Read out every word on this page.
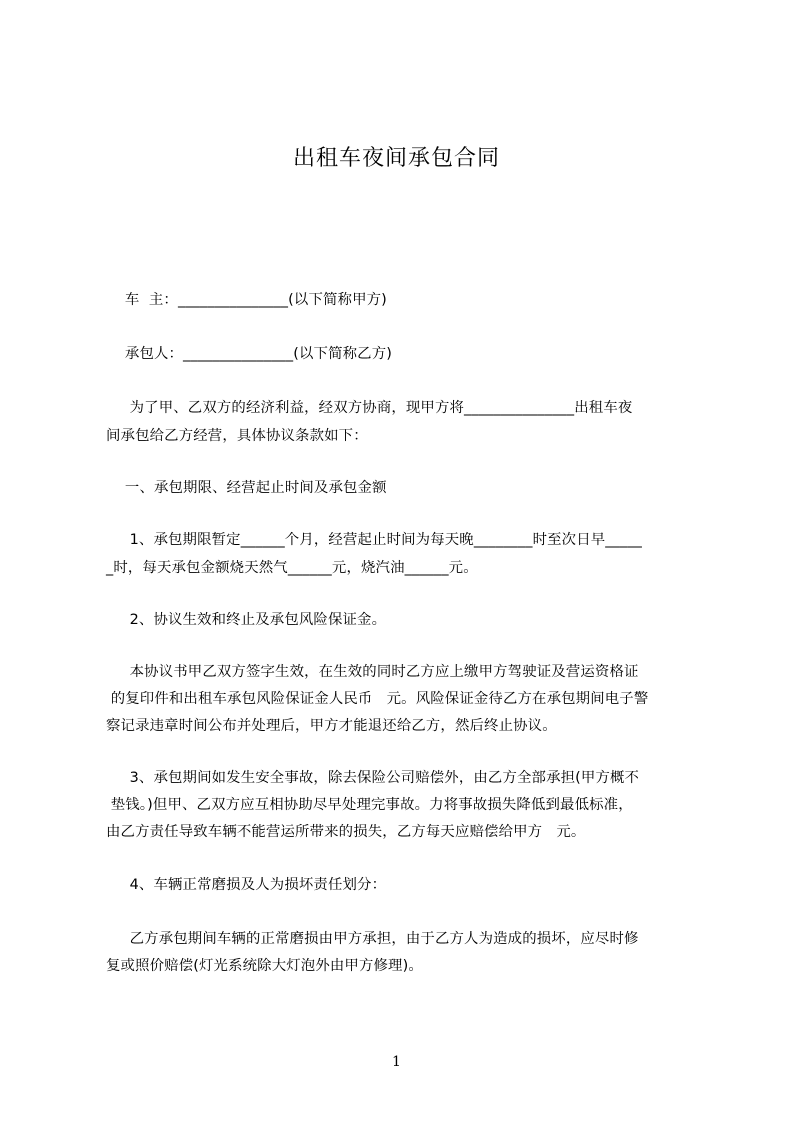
出租车夜间承包合同
车  主：_______________(以下简称甲方)
承包人：_______________(以下简称乙方)
为了甲、乙双方的经济利益，经双方协商，现甲方将_______________出租车夜
间承包给乙方经营，具体协议条款如下：
一、承包期限、经营起止时间及承包金额
1、承包期限暂定______个月，经营起止时间为每天晚________时至次日早_____
_时，每天承包金额烧天然气______元，烧汽油______元。
2、协议生效和终止及承包风险保证金。
本协议书甲乙双方签字生效，在生效的同时乙方应上缴甲方驾驶证及营运资格证
的复印件和出租车承包风险保证金人民币   元。风险保证金待乙方在承包期间电子警
察记录违章时间公布并处理后，甲方才能退还给乙方，然后终止协议。
3、承包期间如发生安全事故，除去保险公司赔偿外，由乙方全部承担(甲方概不
垫钱。)但甲、乙双方应互相协助尽早处理完事故。力将事故损失降低到最低标准，
由乙方责任导致车辆不能营运所带来的损失，乙方每天应赔偿给甲方   元。
4、车辆正常磨损及人为损坏责任划分：
乙方承包期间车辆的正常磨损由甲方承担，由于乙方人为造成的损坏，应尽时修
复或照价赔偿(灯光系统除大灯泡外由甲方修理)。
1
